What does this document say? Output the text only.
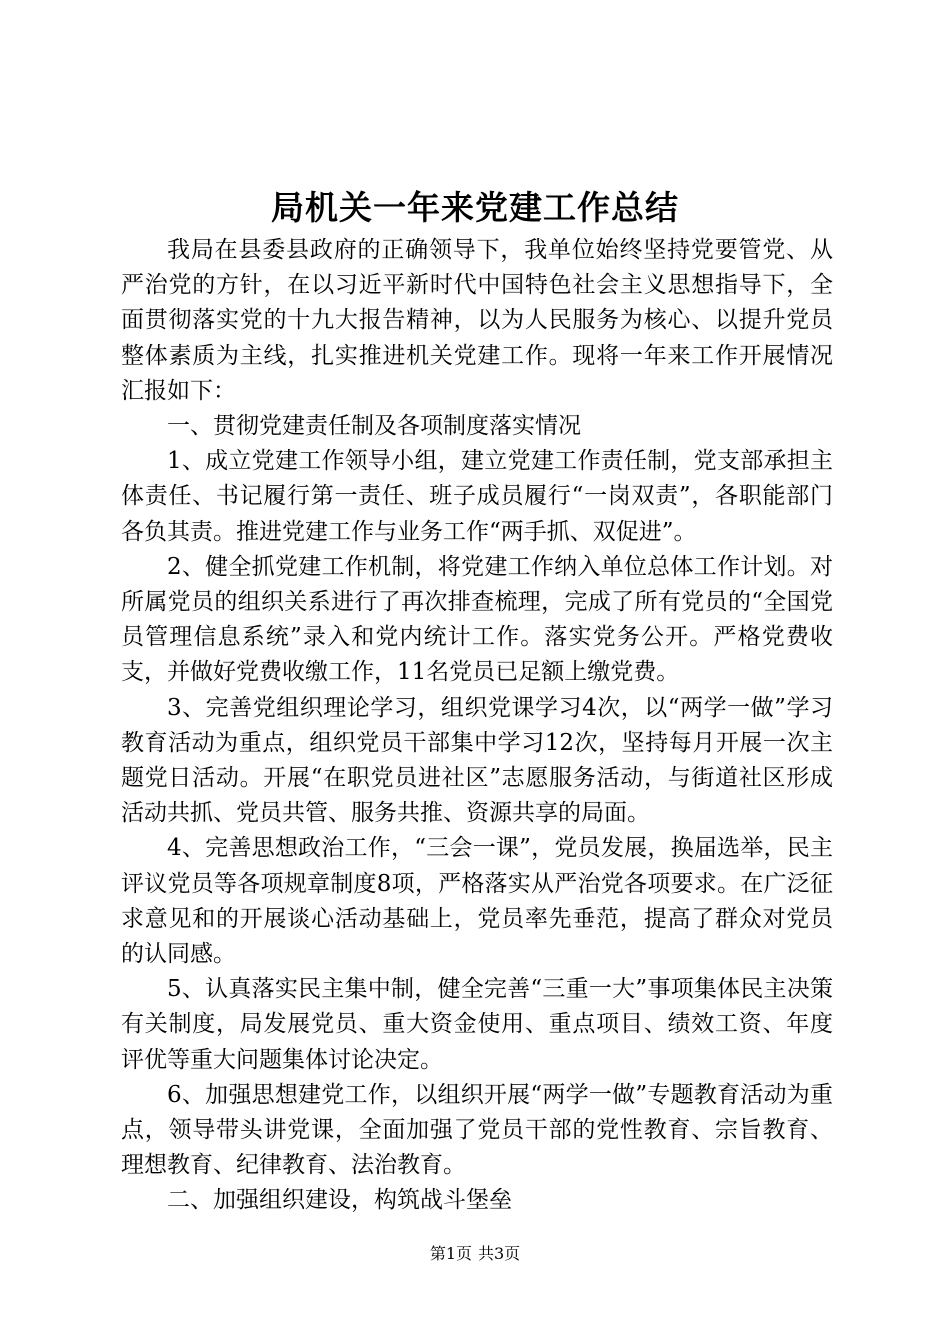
局机关一年来党建工作总结

我局在县委县政府的正确领导下，我单位始终坚持党要管党、从严治党的方针，在以习近平新时代中国特色社会主义思想指导下，全面贯彻落实党的十九大报告精神，以为人民服务为核心、以提升党员整体素质为主线，扎实推进机关党建工作。现将一年来工作开展情况汇报如下：

一、贯彻党建责任制及各项制度落实情况

1、成立党建工作领导小组，建立党建工作责任制，党支部承担主体责任、书记履行第一责任、班子成员履行“一岗双责”，各职能部门各负其责。推进党建工作与业务工作“两手抓、双促进”。

2、健全抓党建工作机制，将党建工作纳入单位总体工作计划。对所属党员的组织关系进行了再次排查梳理，完成了所有党员的“全国党员管理信息系统”录入和党内统计工作。落实党务公开。严格党费收支，并做好党费收缴工作，11名党员已足额上缴党费。

3、完善党组织理论学习，组织党课学习4次，以“两学一做”学习教育活动为重点，组织党员干部集中学习12次，坚持每月开展一次主题党日活动。开展“在职党员进社区”志愿服务活动，与街道社区形成活动共抓、党员共管、服务共推、资源共享的局面。

4、完善思想政治工作，“三会一课”，党员发展，换届选举，民主评议党员等各项规章制度8项，严格落实从严治党各项要求。在广泛征求意见和的开展谈心活动基础上，党员率先垂范，提高了群众对党员的认同感。

5、认真落实民主集中制，健全完善“三重一大”事项集体民主决策有关制度，局发展党员、重大资金使用、重点项目、绩效工资、年度评优等重大问题集体讨论决定。

6、加强思想建党工作，以组织开展“两学一做”专题教育活动为重点，领导带头讲党课，全面加强了党员干部的党性教育、宗旨教育、理想教育、纪律教育、法治教育。

二、加强组织建设，构筑战斗堡垒

第1页 共3页
